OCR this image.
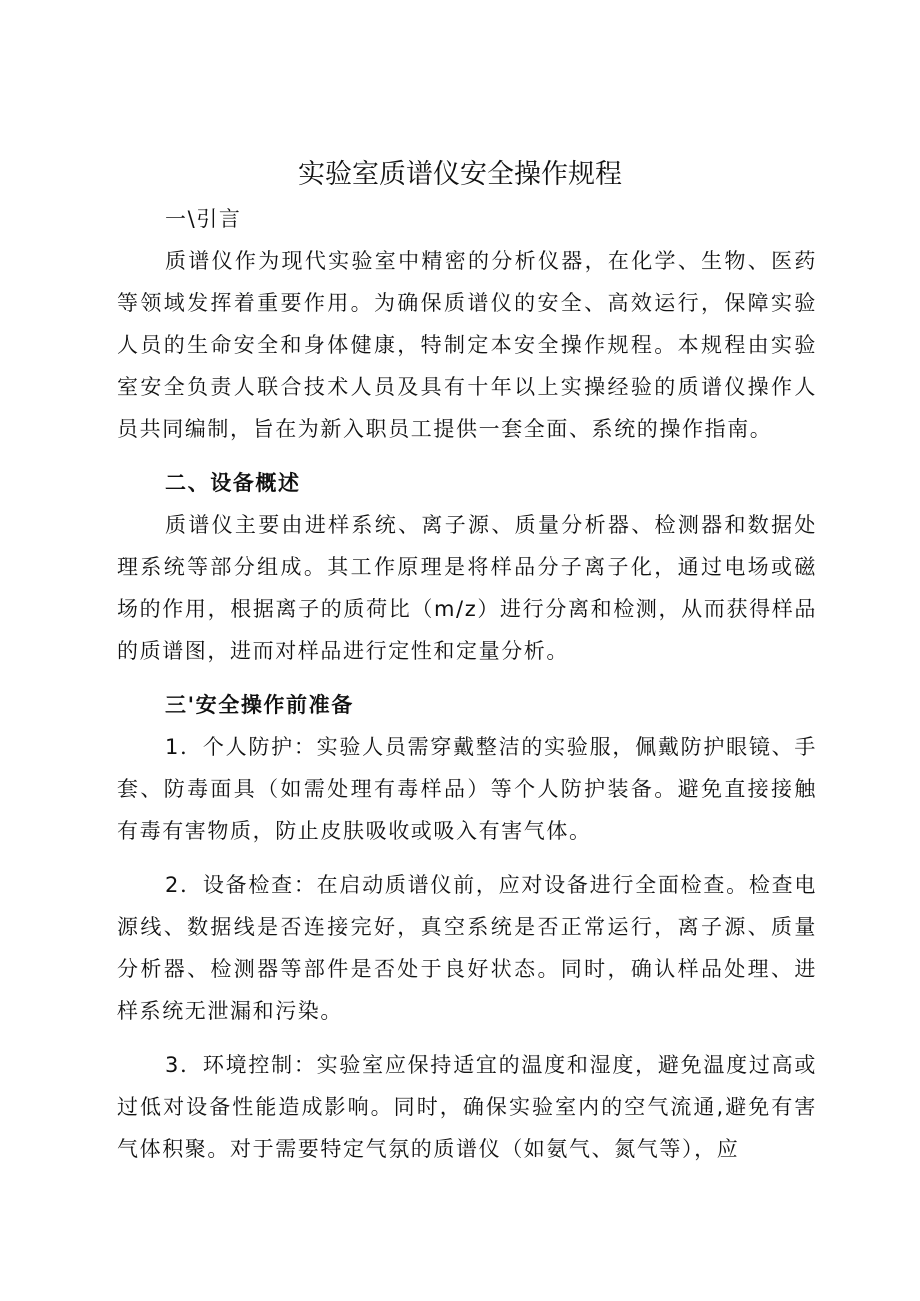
实验室质谱仪安全操作规程
一\引言

质谱仪作为现代实验室中精密的分析仪器，在化学、生物、医药等领域发挥着重要作用。为确保质谱仪的安全、高效运行，保障实验人员的生命安全和身体健康，特制定本安全操作规程。本规程由实验室安全负责人联合技术人员及具有十年以上实操经验的质谱仪操作人员共同编制，旨在为新入职员工提供一套全面、系统的操作指南。

二、设备概述

质谱仪主要由进样系统、离子源、质量分析器、检测器和数据处理系统等部分组成。其工作原理是将样品分子离子化，通过电场或磁场的作用，根据离子的质荷比（m/z）进行分离和检测，从而获得样品的质谱图，进而对样品进行定性和定量分析。

三'安全操作前准备

1．个人防护：实验人员需穿戴整洁的实验服，佩戴防护眼镜、手套、防毒面具（如需处理有毒样品）等个人防护装备。避免直接接触有毒有害物质，防止皮肤吸收或吸入有害气体。

2．设备检查：在启动质谱仪前，应对设备进行全面检查。检查电源线、数据线是否连接完好，真空系统是否正常运行，离子源、质量分析器、检测器等部件是否处于良好状态。同时，确认样品处理、进样系统无泄漏和污染。

3．环境控制：实验室应保持适宜的温度和湿度，避免温度过高或过低对设备性能造成影响。同时，确保实验室内的空气流通,避免有害气体积聚。对于需要特定气氛的质谱仪（如氨气、氮气等），应
